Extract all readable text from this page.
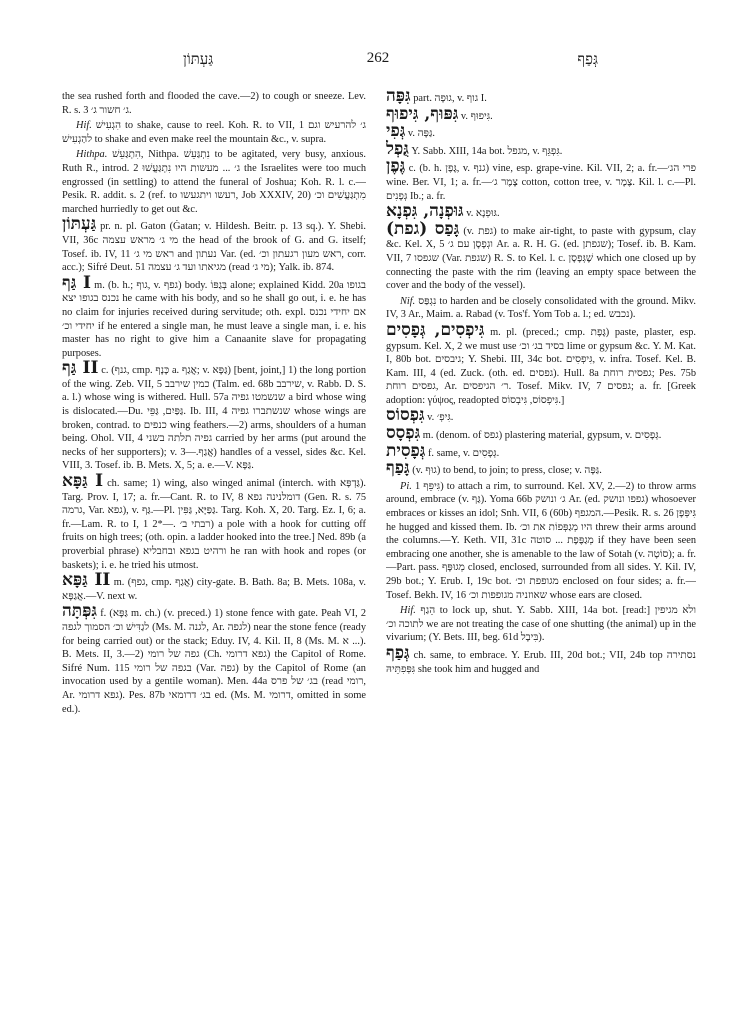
גַּעְתּוֹן	262	גְּפַף

the sea rushed forth and flooded the cave.—2) to cough or sneeze. Lev. R. s. 3 ג׳ חשור ג׳.

Hif. הִגְעִישׁ to shake, cause to reel. Koh. R. to VII, 1 ג׳ להרעיש וגם להַגְעִישׁ to shake and even make reel the mountain &c., v. supra.

Hithpa. הִתְגַּעֵשׁ, Nithpa. נִתְגַּעֵשׁ to be agitated, very busy, anxious. Ruth R., introd. 2 ג׳ ... מעשות היו נִתְגַּעֲשׁוּ the Israelites were too much engrossed (in settling) to attend the funeral of Joshua; Koh. R. l. c.—Pesik. R. addit. s. 2 (ref. to רעשו ויתגעשו, Job XXXIV, 20) מִתְגַּעֲשִׁים וכ׳ marched hurriedly to get out &c.

גַּעְתּוֹן pr. n. pl. Gaton (Ġatan; v. Hildesh. Beitr. p. 13 sq.). Y. Shebi. VII, 36c מי ג׳ מראש עצמה the head of the brook of G. and G. itself; Tosef. ib. IV, 11 ראש מי ג׳ and נעתון Var. (ed. ראש מעון רגעתון וכ׳, corr. acc.); Sifré Deut. 51 מגיאתו ועד ג׳ עצמה (read מי ג׳); Yalk. ib. 874.

גַּף I m. (b. h.; גוף, v. גפף) body. בְּגַפּוֹ alone; explained Kidd. 20a בגופו נכנס בגופו יצא he came with his body, and so he shall go out, i. e. he has no claim for injuries received during servitude; oth. expl. אם יחידי נכנס יחידי וכ׳ if he entered a single man, he must leave a single man, i. e. his master has no right to give him a Canaanite slave for propagating purposes.

גַּף II c. (גנף, cmp. כָּנָף a. אֲגַף; v. גַּפָּא) [bent, joint,] 1) the long portion of the wing. Zeb. VII, 5 כמין שירבב (Talm. ed. 68b שירבב, v. Rabb. D. S. a. l.) whose wing is withered. Hull. 57a שנשמטו גפיה a bird whose wing is dislocated.—Du. גַּפַּיִם, גַּפֵּי. Ib. III, 4 שנשתברו גפיה whose wings are broken, contrad. to כנפים wing feathers.—2) arms, shoulders of a human being. Ohol. VII, 4 גפיה תלתה בשני carried by her arms (put around the necks of her supporters); v. אֲגַף.—3) handles of a vessel, sides &c. Kel. VIII, 3. Tosef. ib. B. Mets. X, 5; a. e.—V. גַּפָּא.

גַּפָּא I ch. same; 1) wing, also winged animal (interch. with גַּדְפָּא). Targ. Prov. I, 17; a. fr.—Cant. R. to IV, 8 דומלנינה גפא (Gen. R. s. 75 גרמה, Var. גפא), v. גַּף.—Pl. גַּפַּיָּא, גַּפִּין. Targ. Koh. X, 20. Targ. Ez. I, 6; a. fr.—Lam. R. to I, 1 רבתי ב׳ .—*2) a pole with a hook for cutting off fruits on high trees; (oth. opin. a ladder hooked into the tree.] Ned. 89b (a proverbial phrase) ורהיט בגפא ובחבליא he ran with hook and ropes (or baskets); i. e. he tried his utmost.

גַּפָּא II m. (גפף, cmp. אֲגַף) city-gate. B. Bath. 8a; B. Mets. 108a, v. אֲגַפָּא.—V. next w.

גִּפְּתָּה f. (גַּפָּא m. ch.) (v. preced.) 1) stone fence with gate. Peah VI, 2 לגַדִּישׁ וכ׳ הסמוך לגפה (Ms. M. לגנה, Ar. לגפה) near the stone fence (ready for being carried out) or the stack; Eduy. IV, 4. Kil. II, 8 (Ms. M. א ...). B. Mets. II, 3.—2) גפה של רומי (Ch. גפא דרומי) the Capitol of Rome. Sifré Num. 115 בגפה של רומי (Var. גפה) by the Capitol of Rome (an invocation used by a gentile woman). Men. 44a בג׳ של פרס (read רומי, Ar. גפא דרומי). Pes. 87b בג׳ דרומאי ed. (Ms. M. דרומי, omitted in some ed.).

גִּפָּה part. גוּפָה, v. גוף I.

גִּפּוּף, גִּיפוּף v. גִּיפוּף.

גְּפִי v. גַּפָּה.

גֻּפְל Y. Sabb. XIII, 14a bot. מגפל, v. גִּפְגֵּף.

גֶּפֶן c. (b. h. גֶּפֶן, v. גנף) vine, esp. grape-vine. Kil. VII, 2; a. fr.—פרי הג׳ wine. Ber. VI, 1; a. fr.—צֶמֶר ג׳ cotton, cotton tree, v. צֶמֶר. Kil. l. c.—Pl. גְּפָנִים Ib.; a. fr.

גּוּפְנָה, גִּפְנָא v. גּוּפְנָא.

גָּפַס (גפת) (v. גפת) to make air-tight, to paste with gypsum, clay &c. Kel. X, 5 וגְפָסָן עם ג׳ Ar. a. R. H. G. (ed. שגפתן); Tosef. ib. B. Kam. VII, 7 שגפסו (Var. שגפת) R. S. to Kel. l. c. שֶׁגְּפָסָן which one closed up by connecting the paste with the rim (leaving an empty space between the cover and the body of the vessel).

Nif. נִגְפַּס to harden and be closely consolidated with the ground. Mikv. IV, 3 Ar., Maim. a. Rabad (v. Tos'f. Yom Tob a. l.; ed. נכבש).

גִּיפְסִים, גְּפָסִים m. pl. (preced.; cmp. גֶּפֶת) paste, plaster, esp. gypsum. Kel. X, 2 we must use בסיד בג׳ וכ׳ lime or gypsum &c. Y. M. Kat. I, 80b bot. גיבסים; Y. Shebi. III, 34c bot. גִּיפְסִים, v. infra. Tosef. Kel. B. Kam. III, 4 (ed. Zuck. (oth. ed. גפסים). Hull. 8a גפסית רוחת; Pes. 75b גפסים רוחת, Ar. ר׳ הגיפסים. Tosef. Mikv. IV, 7 גפסים; a. fr. [Greek adoption: γύψος, readopted גִּיפְסוֹס, גִּיבְסוֹס.]

גִּפְסוֹס v. גִּיפְ׳.

גִּפְסָס m. (denom. of גפס) plastering material, gypsum, v. גְּפָסִים.

גְּפָסִית f. same, v. גְּפָסִים.

גָּפַף (v. גוּף) to bend, to join; to press, close; v. גַּפָּה.

Pi. גִּיפֵּף 1) to attach a rim, to surround. Kel. XV, 2.—2) to throw arms around, embrace (v. גַּף). Yoma 66b ג׳ ונושק Ar. (ed. גפפו ונושק) whosoever embraces or kisses an idol; Snh. VII, 6 (60b) המגפף.—Pesik. R. s. 26 גִּיפְּפָן he hugged and kissed them. Ib. היו מְגַפְּפוֹת את וכ׳ threw their arms around the columns.—Y. Keth. VII, 31c מְגַפֶּפֶת ... סוטה if they have been seen embracing one another, she is amenable to the law of Sotah (v. סוֹטָה); a. fr.—Part. pass. מְגוּפָּף closed, enclosed, surrounded from all sides. Y. Kil. IV, 29b bot.; Y. Erub. I, 19c bot. מגופפת וכ׳ enclosed on four sides; a. fr.—Tosef. Bekh. IV, 16 שאוזניה מגופפות וכ׳ whose ears are closed.

Hif. הֵגַף to lock up, shut. Y. Sabb. XIII, 14a bot. [read:] ולא מגיפין לתוכה וכ׳ we are not treating the case of one shutting (the animal) up in the vivarium; (Y. Bets. III, beg. 61d בִּיבָל).

גְּפַף ch. same, to embrace. Y. Erub. III, 20d bot.; VII, 24b top נסתירה גִּפְּפִתֵּיהּ she took him and hugged and
